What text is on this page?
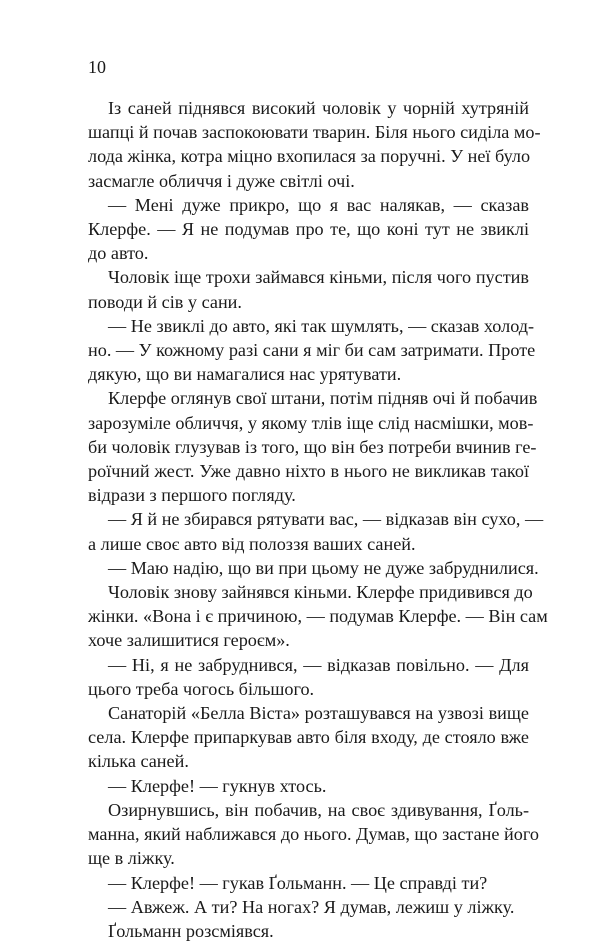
10
Із саней піднявся високий чоловік у чорній хутряній
шапці й почав заспокоювати тварин. Біля нього сиділа мо-
лода жінка, котра міцно вхопилася за поручні. У неї було
засмагле обличчя і дуже світлі очі.
— Мені дуже прикро, що я вас налякав, — сказав
Клерфе. — Я не подумав про те, що коні тут не звиклі
до авто.
Чоловік іще трохи займався кіньми, після чого пустив
поводи й сів у сани.
— Не звиклі до авто, які так шумлять, — сказав холод-
но. — У кожному разі сани я міг би сам затримати. Проте
дякую, що ви намагалися нас урятувати.
Клерфе оглянув свої штани, потім підняв очі й побачив
зарозуміле обличчя, у якому тлів іще слід насмішки, мов-
би чоловік глузував із того, що він без потреби вчинив ге-
роїчний жест. Уже давно ніхто в нього не викликав такої
відрази з першого погляду.
— Я й не збирався рятувати вас, — відказав він сухо, —
а лише своє авто від полоззя ваших саней.
— Маю надію, що ви при цьому не дуже забруднилися.
Чоловік знову зайнявся кіньми. Клерфе придивився до
жінки. «Вона і є причиною, — подумав Клерфе. — Він сам
хоче залишитися героєм».
— Ні, я не забруднився, — відказав повільно. — Для
цього треба чогось більшого.
Санаторій «Белла Віста» розташувався на узвозі вище
села. Клерфе припаркував авто біля входу, де стояло вже
кілька саней.
— Клерфе! — гукнув хтось.
Озирнувшись, він побачив, на своє здивування, Ґоль-
манна, який наближався до нього. Думав, що застане його
ще в ліжку.
— Клерфе! — гукав Ґольманн. — Це справді ти?
— Авжеж. А ти? На ногах? Я думав, лежиш у ліжку.
Ґольманн розсміявся.
